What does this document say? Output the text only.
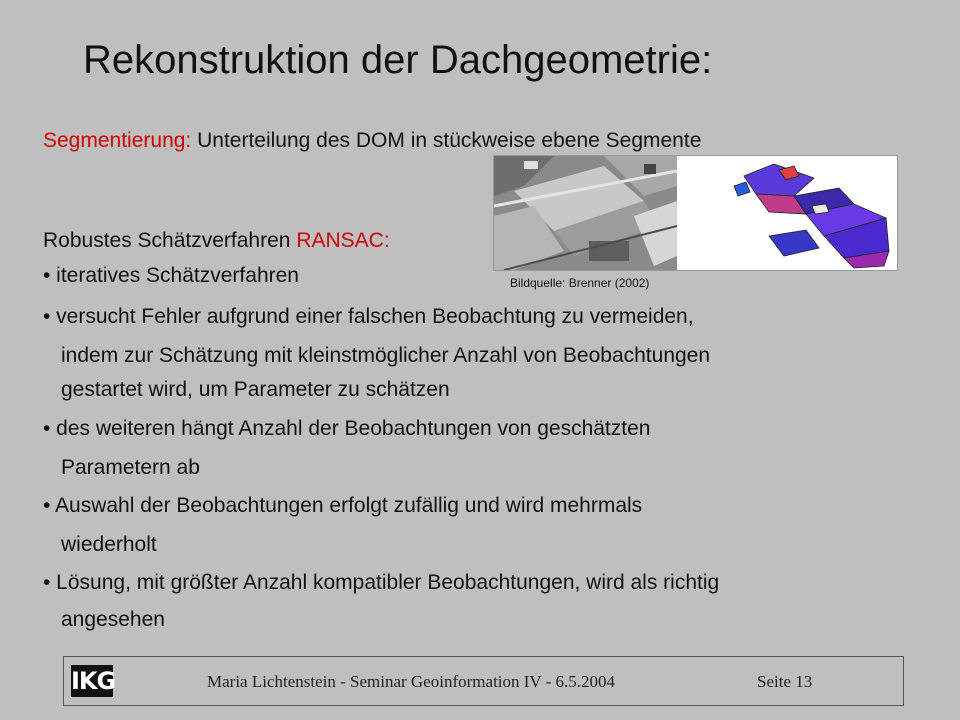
Rekonstruktion der Dachgeometrie:
Segmentierung: Unterteilung des DOM in stückweise ebene Segmente
Robustes Schätzverfahren RANSAC:
• iteratives Schätzverfahren
• versucht Fehler aufgrund einer falschen Beobachtung zu vermeiden,
indem zur Schätzung mit kleinstmöglicher Anzahl von Beobachtungen
gestartet wird, um Parameter zu schätzen
• des weiteren hängt Anzahl der Beobachtungen von geschätzten
Parametern ab
• Auswahl der Beobachtungen erfolgt zufällig und wird mehrmals
wiederholt
• Lösung, mit größter Anzahl kompatibler Beobachtungen, wird als richtig
angesehen
Bildquelle: Brenner (2002)
IKG	Maria Lichtenstein - Seminar Geoinformation IV - 6.5.2004	Seite 13
